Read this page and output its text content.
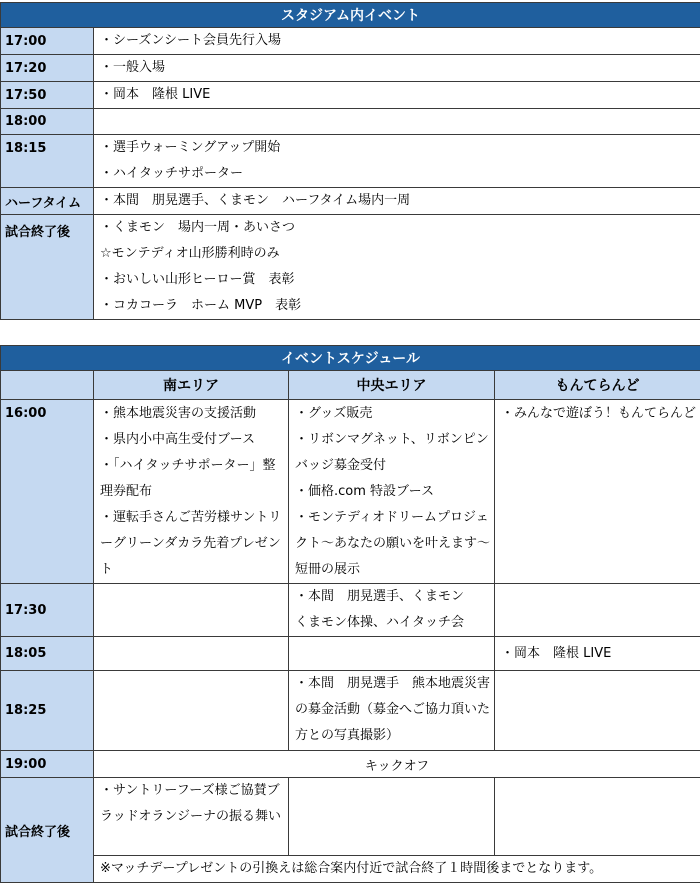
スタジアム内イベント	
17:00	・シーズンシート会員先行入場

17:20	・一般入場

17:50	・岡本　隆根 LIVE

18:00	
18:15	・選手ウォーミングアップ開始
・ハイタッチサポーター

ハーフタイム	・本間　朋晃選手、くまモン　ハーフタイム場内一周

試合終了後	・くまモン　場内一周・あいさつ
☆モンテディオ山形勝利時のみ
・おいしい山形ヒーロー賞　表彰
・コカコーラ　ホーム MVP　表彰
イベントスケジュール			
	南エリア	中央エリア	もんてらんど
16:00	・熊本地震災害の支援活動
・県内小中高生受付ブース
・「ハイタッチサポーター」整理券配布
・運転手さんご苦労様サントリーグリーンダカラ先着プレゼント	・グッズ販売
・リボンマグネット、リボンピンバッジ募金受付
・価格.com 特設ブース
・モンテディオドリームプロジェクト～あなたの願いを叶えます～短冊の展示	・みんなで遊ぼう！もんてらんど

17:30		・本間　朋晃選手、くまモン
くまモン体操、ハイタッチ会	

18:05			・岡本　隆根 LIVE

18:25		・本間　朋晃選手　熊本地震災害の募金活動（募金へご協力頂いた方との写真撮影）	

19:00	キックオフ		
試合終了後	・サントリーフーズ様ご協賛ブラッドオランジーナの振る舞い		

	※マッチデープレゼントの引換えは総合案内付近で試合終了１時間後までとなります。		
